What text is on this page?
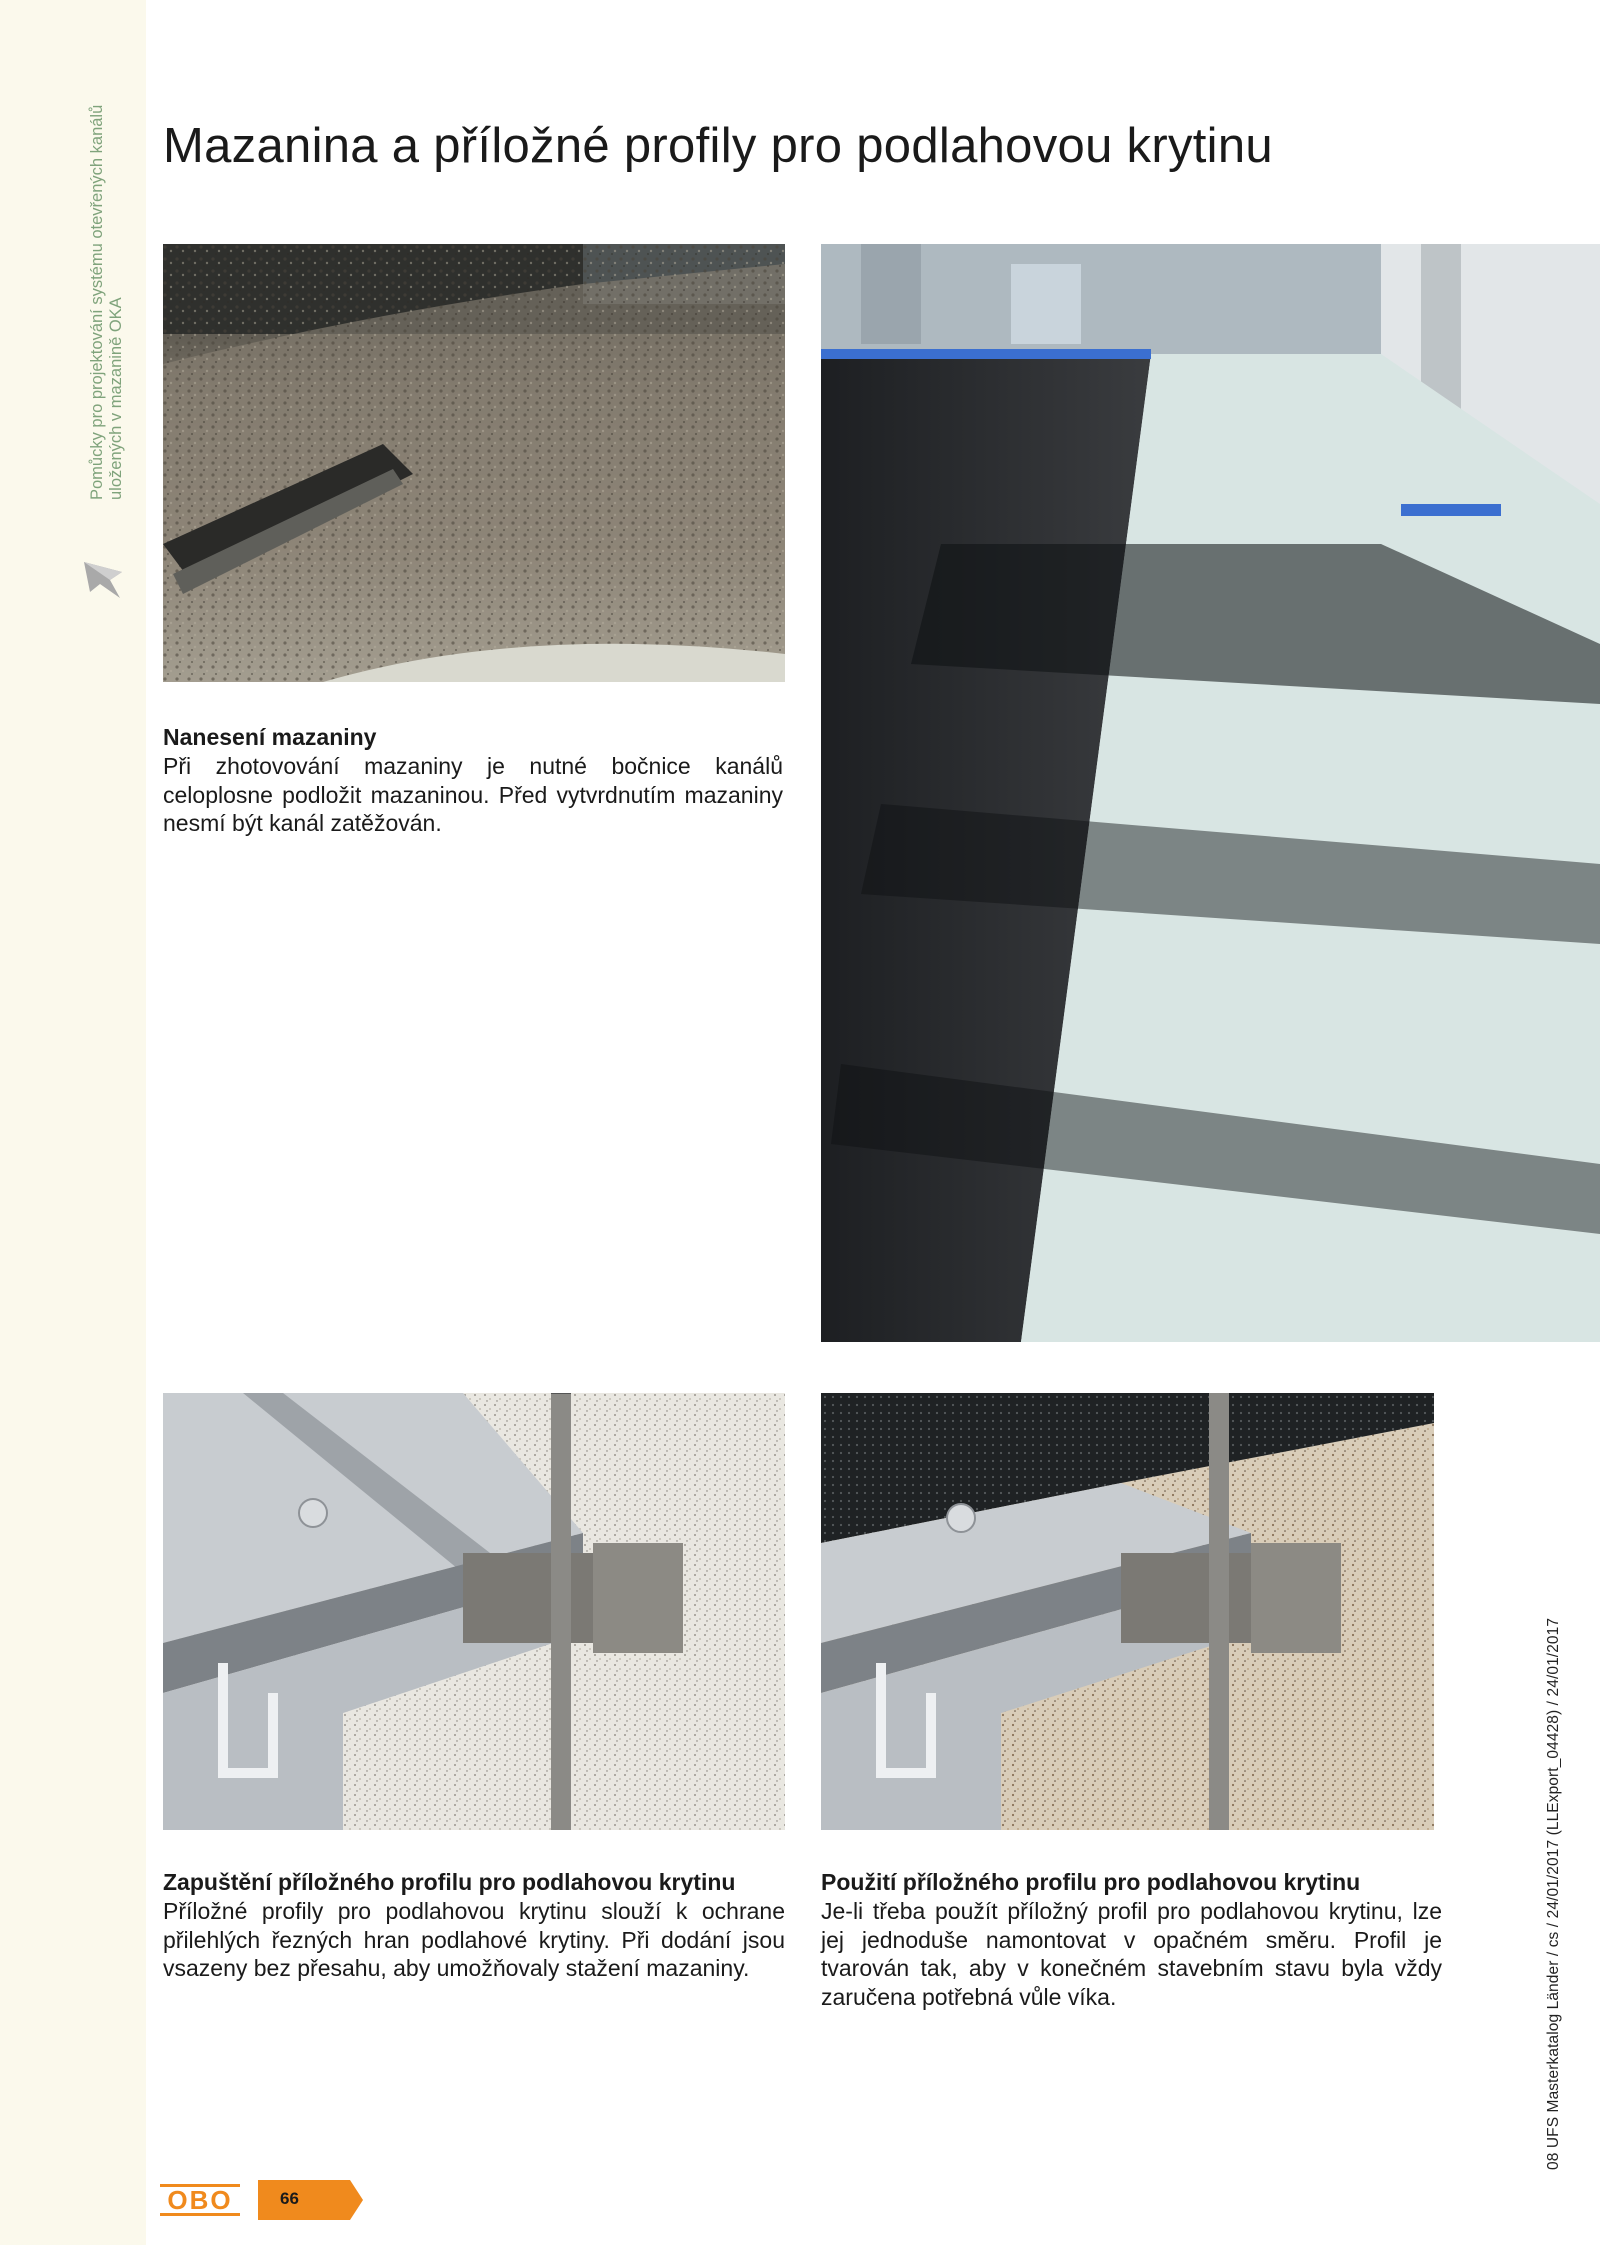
Pomůcky pro projektování systému otevřených kanálů uložených v mazanině OKA
Mazanina a příložné profily pro podlahovou krytinu
Nanesení mazaniny

Při zhotovování mazaniny je nutné bočnice kanálů celoplosne podložit mazaninou. Před vytvrdnutím mazaniny nesmí být kanál zatěžován.

Zapuštění příložného profilu pro podlahovou krytinu

Příložné profily pro podlahovou krytinu slouží k ochrane přilehlých řezných hran podlahové krytiny. Při dodání jsou vsazeny bez přesahu, aby umožňovaly stažení mazaniny.

Použití příložného profilu pro podlahovou krytinu

Je-li třeba použít příložný profil pro podlahovou krytinu, lze jej jednoduše namontovat v opačném směru. Profil je tvarován tak, aby v konečném stavebním stavu byla vždy zaručena potřebná vůle víka.	08 UFS Masterkatalog Länder / cs / 24/01/2017 (LLExport_04428) / 24/01/2017
OBO	66
